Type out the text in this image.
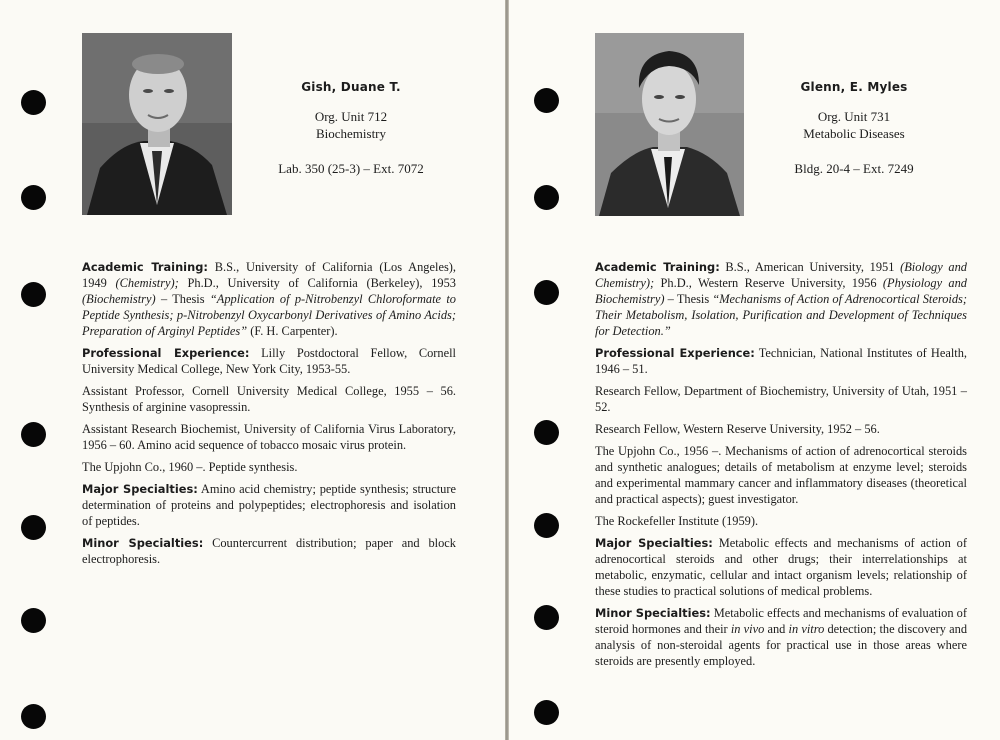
Gish, Duane T.
Org. Unit 712
Biochemistry
Lab. 350 (25-3) – Ext. 7072

Academic Training: B.S., University of California (Los Angeles), 1949 (Chemistry); Ph.D., University of California (Berkeley), 1953 (Biochemistry) – Thesis “Application of p-Nitrobenzyl Chloroformate to Peptide Synthesis; p-Nitrobenzyl Oxycarbonyl Derivatives of Amino Acids; Preparation of Arginyl Peptides” (F. H. Carpenter).

Professional Experience: Lilly Postdoctoral Fellow, Cornell University Medical College, New York City, 1953-55.

Assistant Professor, Cornell University Medical College, 1955 – 56. Synthesis of arginine vasopressin.

Assistant Research Biochemist, University of California Virus Laboratory, 1956 – 60. Amino acid sequence of tobacco mosaic virus protein.

The Upjohn Co., 1960 –. Peptide synthesis.

Major Specialties: Amino acid chemistry; peptide synthesis; structure determination of proteins and polypeptides; electrophoresis and isolation of peptides.

Minor Specialties: Countercurrent distribution; paper and block electrophoresis.

Glenn, E. Myles
Org. Unit 731
Metabolic Diseases
Bldg. 20-4 – Ext. 7249

Academic Training: B.S., American University, 1951 (Biology and Chemistry); Ph.D., Western Reserve University, 1956 (Physiology and Biochemistry) – Thesis “Mechanisms of Action of Adrenocortical Steroids; Their Metabolism, Isolation, Purification and Development of Techniques for Detection.”

Professional Experience: Technician, National Institutes of Health, 1946 – 51.

Research Fellow, Department of Biochemistry, University of Utah, 1951 – 52.

Research Fellow, Western Reserve University, 1952 – 56.

The Upjohn Co., 1956 –. Mechanisms of action of adrenocortical steroids and synthetic analogues; details of metabolism at enzyme level; steroids and experimental mammary cancer and inflammatory diseases (theoretical and practical aspects); guest investigator.

The Rockefeller Institute (1959).

Major Specialties: Metabolic effects and mechanisms of action of adrenocortical steroids and other drugs; their interrelationships at metabolic, enzymatic, cellular and intact organism levels; relationship of these studies to practical solutions of medical problems.

Minor Specialties: Metabolic effects and mechanisms of evaluation of steroid hormones and their in vivo and in vitro detection; the discovery and analysis of non-steroidal agents for practical use in those areas where steroids are presently employed.
